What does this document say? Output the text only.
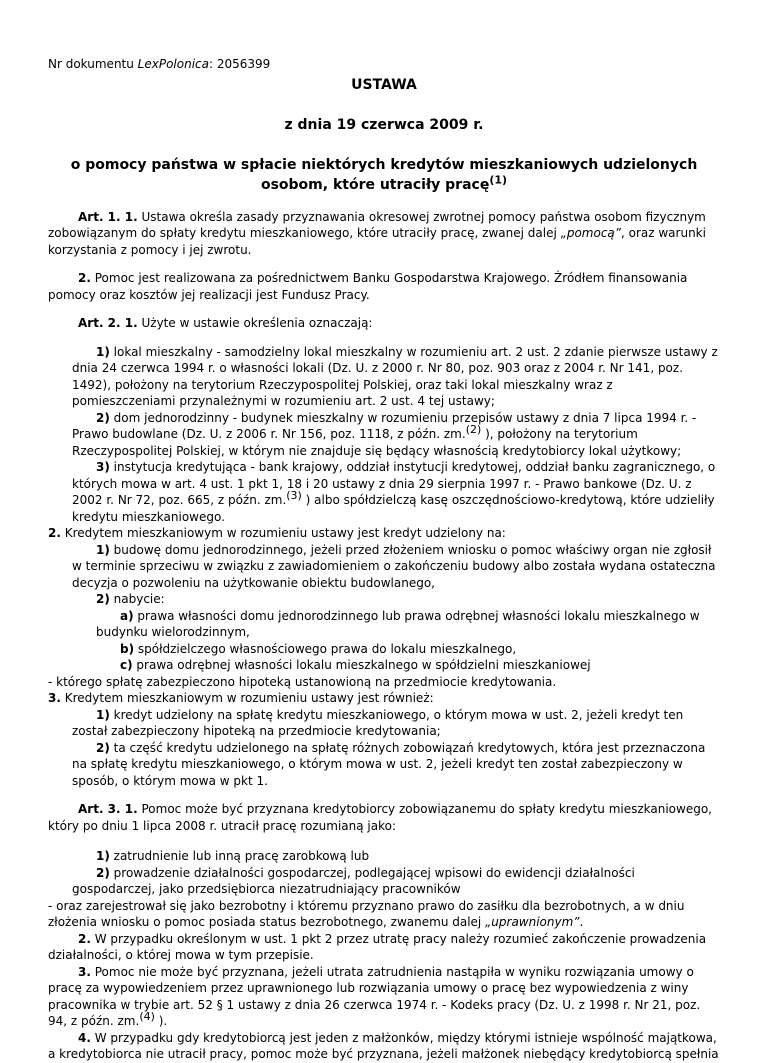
Nr dokumentu LexPolonica: 2056399

USTAWA

z dnia 19 czerwca 2009 r.

o pomocy państwa w spłacie niektórych kredytów mieszkaniowych udzielonych
osobom, które utraciły pracę$^{(1)}$

Art. 1. 1. Ustawa określa zasady przyznawania okresowej zwrotnej pomocy państwa osobom fizycznym zobowiązanym do spłaty kredytu mieszkaniowego, które utraciły pracę, zwanej dalej „pomocą”, oraz warunki korzystania z pomocy i jej zwrotu.

2. Pomoc jest realizowana za pośrednictwem Banku Gospodarstwa Krajowego. Źródłem finansowania pomocy oraz kosztów jej realizacji jest Fundusz Pracy.

Art. 2. 1. Użyte w ustawie określenia oznaczają:

1) lokal mieszkalny - samodzielny lokal mieszkalny w rozumieniu art. 2 ust. 2 zdanie pierwsze ustawy z dnia 24 czerwca 1994 r. o własności lokali (Dz. U. z 2000 r. Nr 80, poz. 903 oraz z 2004 r. Nr 141, poz. 1492), położony na terytorium Rzeczypospolitej Polskiej, oraz taki lokal mieszkalny wraz z pomieszczeniami przynależnymi w rozumieniu art. 2 ust. 4 tej ustawy;

2) dom jednorodzinny - budynek mieszkalny w rozumieniu przepisów ustawy z dnia 7 lipca 1994 r. - Prawo budowlane (Dz. U. z 2006 r. Nr 156, poz. 1118, z późn. zm.$^{(2)}$ ), położony na terytorium Rzeczypospolitej Polskiej, w którym nie znajduje się będący własnością kredytobiorcy lokal użytkowy;

3) instytucja kredytująca - bank krajowy, oddział instytucji kredytowej, oddział banku zagranicznego, o których mowa w art. 4 ust. 1 pkt 1, 18 i 20 ustawy z dnia 29 sierpnia 1997 r. - Prawo bankowe (Dz. U. z 2002 r. Nr 72, poz. 665, z późn. zm.$^{(3)}$ ) albo spółdzielczą kasę oszczędnościowo-kredytową, które udzieliły kredytu mieszkaniowego.

2. Kredytem mieszkaniowym w rozumieniu ustawy jest kredyt udzielony na:

1) budowę domu jednorodzinnego, jeżeli przed złożeniem wniosku o pomoc właściwy organ nie zgłosił w terminie sprzeciwu w związku z zawiadomieniem o zakończeniu budowy albo została wydana ostateczna decyzja o pozwoleniu na użytkowanie obiektu budowlanego,

2) nabycie:

a) prawa własności domu jednorodzinnego lub prawa odrębnej własności lokalu mieszkalnego w budynku wielorodzinnym,

b) spółdzielczego własnościowego prawa do lokalu mieszkalnego,

c) prawa odrębnej własności lokalu mieszkalnego w spółdzielni mieszkaniowej

- którego spłatę zabezpieczono hipoteką ustanowioną na przedmiocie kredytowania.

3. Kredytem mieszkaniowym w rozumieniu ustawy jest również:

1) kredyt udzielony na spłatę kredytu mieszkaniowego, o którym mowa w ust. 2, jeżeli kredyt ten został zabezpieczony hipoteką na przedmiocie kredytowania;

2) ta część kredytu udzielonego na spłatę różnych zobowiązań kredytowych, która jest przeznaczona na spłatę kredytu mieszkaniowego, o którym mowa w ust. 2, jeżeli kredyt ten został zabezpieczony w sposób, o którym mowa w pkt 1.

Art. 3. 1. Pomoc może być przyznana kredytobiorcy zobowiązanemu do spłaty kredytu mieszkaniowego, który po dniu 1 lipca 2008 r. utracił pracę rozumianą jako:

1) zatrudnienie lub inną pracę zarobkową lub

2) prowadzenie działalności gospodarczej, podlegającej wpisowi do ewidencji działalności gospodarczej, jako przedsiębiorca niezatrudniający pracowników

- oraz zarejestrował się jako bezrobotny i któremu przyznano prawo do zasiłku dla bezrobotnych, a w dniu złożenia wniosku o pomoc posiada status bezrobotnego, zwanemu dalej „uprawnionym”.

2. W przypadku określonym w ust. 1 pkt 2 przez utratę pracy należy rozumieć zakończenie prowadzenia działalności, o której mowa w tym przepisie.

3. Pomoc nie może być przyznana, jeżeli utrata zatrudnienia nastąpiła w wyniku rozwiązania umowy o pracę za wypowiedzeniem przez uprawnionego lub rozwiązania umowy o pracę bez wypowiedzenia z winy pracownika w trybie art. 52 § 1 ustawy z dnia 26 czerwca 1974 r. - Kodeks pracy (Dz. U. z 1998 r. Nr 21, poz. 94, z późn. zm.$^{(4)}$ ).

4. W przypadku gdy kredytobiorcą jest jeden z małżonków, między którymi istnieje wspólność majątkowa, a kredytobiorca nie utracił pracy, pomoc może być przyznana, jeżeli małżonek niebędący kredytobiorcą spełnia
